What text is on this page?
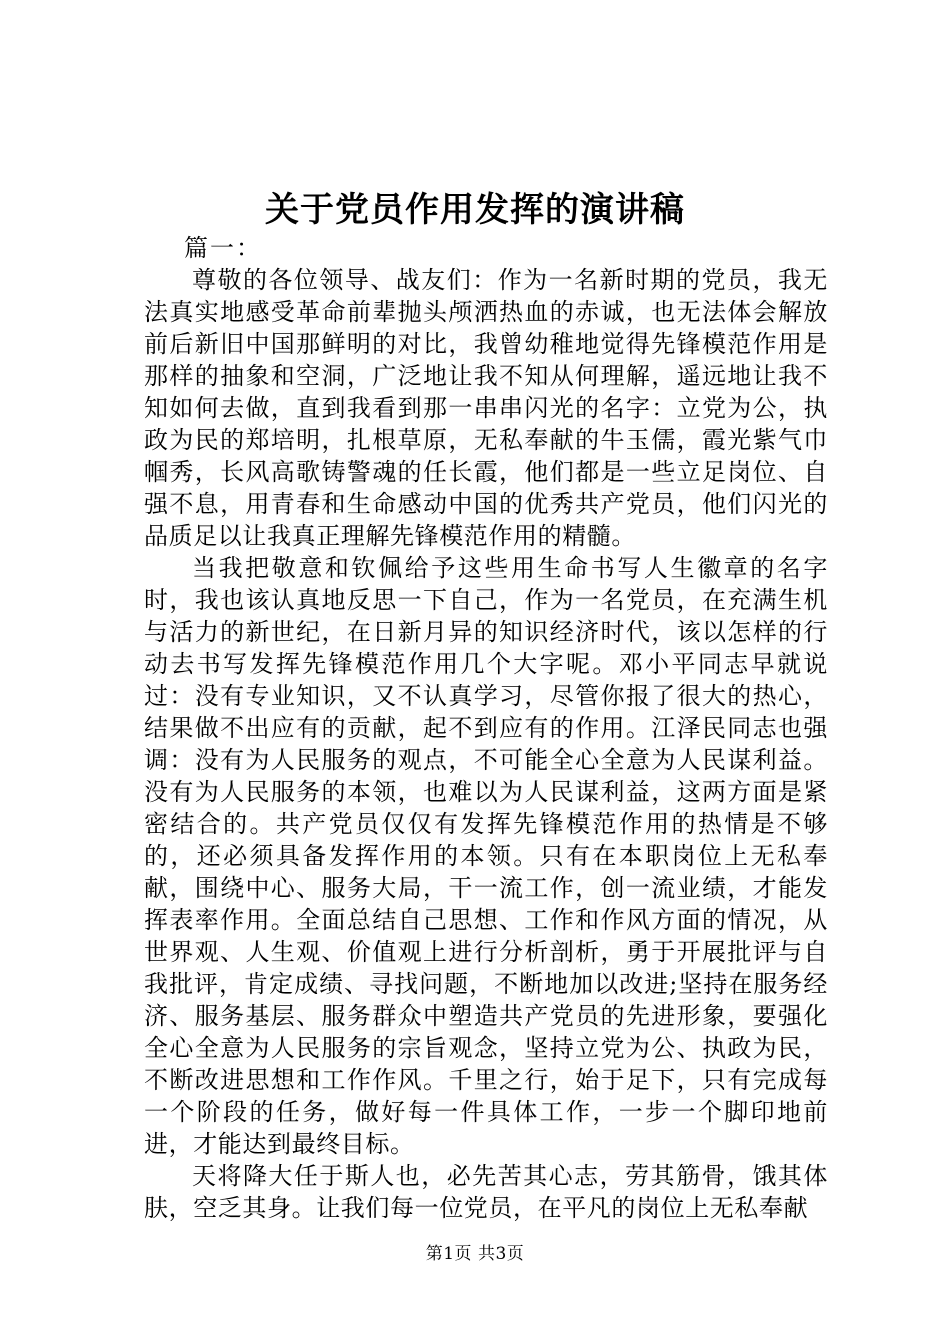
关于党员作用发挥的演讲稿

篇一：

尊敬的各位领导、战友们：作为一名新时期的党员，我无法真实地感受革命前辈抛头颅洒热血的赤诚，也无法体会解放前后新旧中国那鲜明的对比，我曾幼稚地觉得先锋模范作用是那样的抽象和空洞，广泛地让我不知从何理解，遥远地让我不知如何去做，直到我看到那一串串闪光的名字：立党为公，执政为民的郑培明，扎根草原，无私奉献的牛玉儒，霞光紫气巾帼秀，长风高歌铸警魂的任长霞，他们都是一些立足岗位、自强不息，用青春和生命感动中国的优秀共产党员，他们闪光的品质足以让我真正理解先锋模范作用的精髓。

当我把敬意和钦佩给予这些用生命书写人生徽章的名字时，我也该认真地反思一下自己，作为一名党员，在充满生机与活力的新世纪，在日新月异的知识经济时代，该以怎样的行动去书写发挥先锋模范作用几个大字呢。邓小平同志早就说过：没有专业知识，又不认真学习，尽管你报了很大的热心，结果做不出应有的贡献，起不到应有的作用。江泽民同志也强调：没有为人民服务的观点，不可能全心全意为人民谋利益。没有为人民服务的本领，也难以为人民谋利益，这两方面是紧密结合的。共产党员仅仅有发挥先锋模范作用的热情是不够的，还必须具备发挥作用的本领。只有在本职岗位上无私奉献，围绕中心、服务大局，干一流工作，创一流业绩，才能发挥表率作用。全面总结自己思想、工作和作风方面的情况，从世界观、人生观、价值观上进行分析剖析，勇于开展批评与自我批评，肯定成绩、寻找问题，不断地加以改进;坚持在服务经济、服务基层、服务群众中塑造共产党员的先进形象，要强化全心全意为人民服务的宗旨观念，坚持立党为公、执政为民，不断改进思想和工作作风。千里之行，始于足下，只有完成每一个阶段的任务，做好每一件具体工作，一步一个脚印地前进，才能达到最终目标。

天将降大任于斯人也，必先苦其心志，劳其筋骨，饿其体肤，空乏其身。让我们每一位党员，在平凡的岗位上无私奉献

第1页 共3页
